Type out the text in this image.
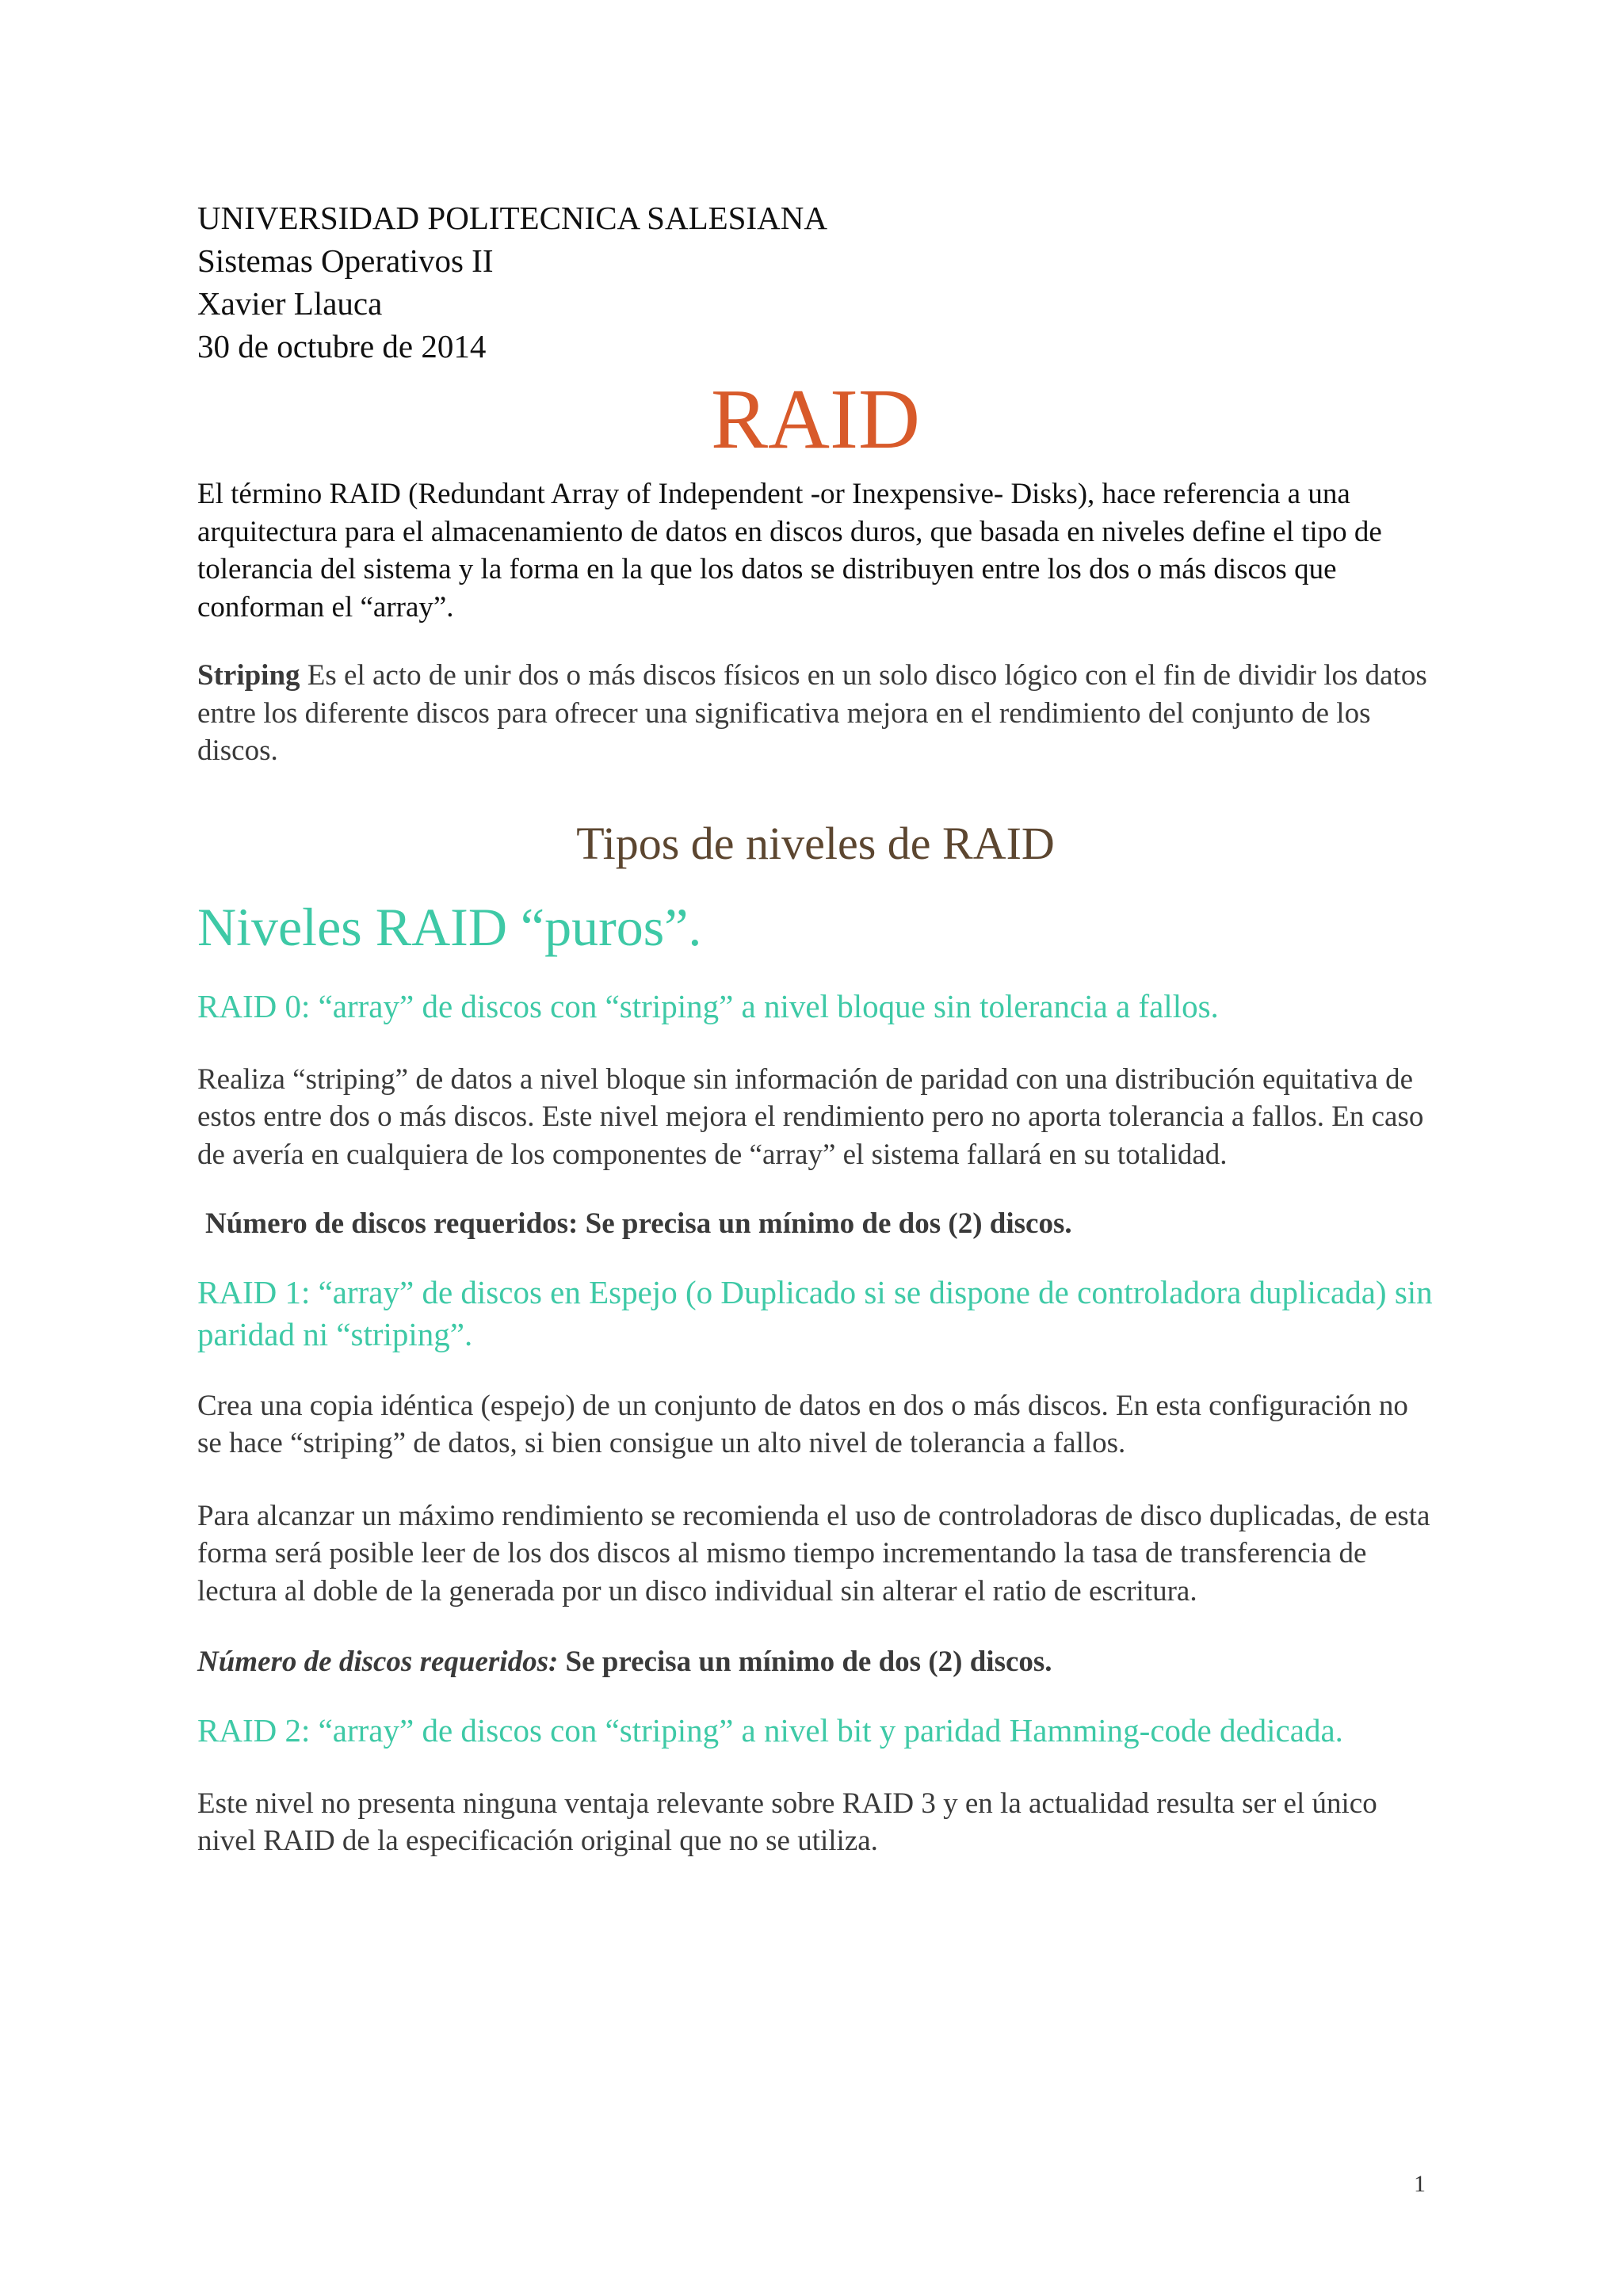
UNIVERSIDAD POLITECNICA SALESIANA
Sistemas Operativos II
Xavier Llauca
30 de octubre de 2014
RAID

El término RAID (Redundant Array of Independent -or Inexpensive- Disks), hace referencia a una arquitectura para el almacenamiento de datos en discos duros, que basada en niveles define el tipo de tolerancia del sistema y la forma en la que los datos se distribuyen entre los dos o más discos que conforman el “array”.

Striping Es el acto de unir dos o más discos físicos en un solo disco lógico con el fin de dividir los datos entre los diferente discos para ofrecer una significativa mejora en el rendimiento del conjunto de los discos.

Tipos de niveles de RAID
Niveles RAID “puros”.
RAID 0: “array” de discos con “striping” a nivel bloque sin tolerancia a fallos.

Realiza “striping” de datos a nivel bloque sin información de paridad con una distribución equitativa de estos entre dos o más discos. Este nivel mejora el rendimiento pero no aporta tolerancia a fallos. En caso de avería en cualquiera de los componentes de “array” el sistema fallará en su totalidad.

Número de discos requeridos: Se precisa un mínimo de dos (2) discos.

RAID 1: “array” de discos en Espejo (o Duplicado si se dispone de controladora duplicada) sin paridad ni “striping”.

Crea una copia idéntica (espejo) de un conjunto de datos en dos o más discos. En esta configuración no se hace “striping” de datos, si bien consigue un alto nivel de tolerancia a fallos.

Para alcanzar un máximo rendimiento se recomienda el uso de controladoras de disco duplicadas, de esta forma será posible leer de los dos discos al mismo tiempo incrementando la tasa de transferencia de lectura al doble de la generada por un disco individual sin alterar el ratio de escritura.

Número de discos requeridos: Se precisa un mínimo de dos (2) discos.

RAID 2: “array” de discos con “striping” a nivel bit y paridad Hamming-code dedicada.

Este nivel no presenta ninguna ventaja relevante sobre RAID 3 y en la actualidad resulta ser el único nivel RAID de la especificación original que no se utiliza.

1
